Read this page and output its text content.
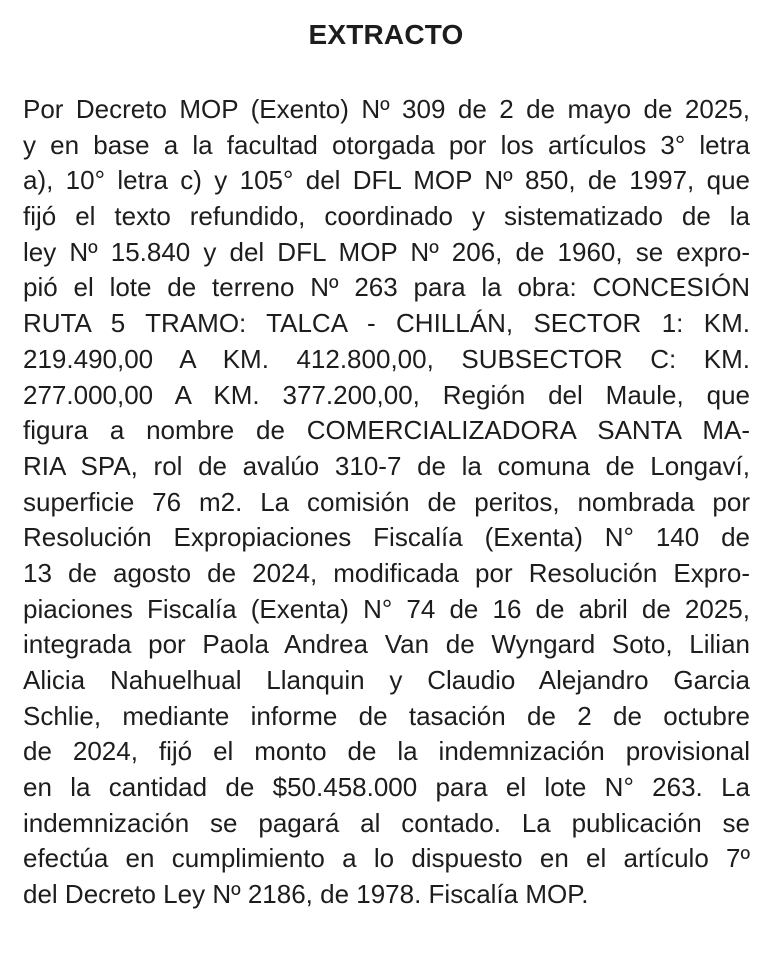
EXTRACTO
Por Decreto MOP (Exento) Nº 309 de 2 de mayo de 2025,
y en base a la facultad otorgada por los artículos 3° letra
a), 10° letra c) y 105° del DFL MOP Nº 850, de 1997, que
fijó el texto refundido, coordinado y sistematizado de la
ley Nº 15.840 y del DFL MOP Nº 206, de 1960, se expro-
pió el lote de terreno Nº 263 para la obra: CONCESIÓN
RUTA 5 TRAMO: TALCA - CHILLÁN, SECTOR 1: KM.
219.490,00 A KM. 412.800,00, SUBSECTOR C: KM.
277.000,00 A KM. 377.200,00, Región del Maule, que
figura a nombre de COMERCIALIZADORA SANTA MA-
RIA SPA, rol de avalúo 310-7 de la comuna de Longaví,
superficie 76 m2. La comisión de peritos, nombrada por
Resolución Expropiaciones Fiscalía (Exenta) N° 140 de
13 de agosto de 2024, modificada por Resolución Expro-
piaciones Fiscalía (Exenta) N° 74 de 16 de abril de 2025,
integrada por Paola Andrea Van de Wyngard Soto, Lilian
Alicia Nahuelhual Llanquin y Claudio Alejandro Garcia
Schlie, mediante informe de tasación de 2 de octubre
de 2024, fijó el monto de la indemnización provisional
en la cantidad de $50.458.000 para el lote N° 263. La
indemnización se pagará al contado. La publicación se
efectúa en cumplimiento a lo dispuesto en el artículo 7º
del Decreto Ley Nº 2186, de 1978. Fiscalía MOP.
